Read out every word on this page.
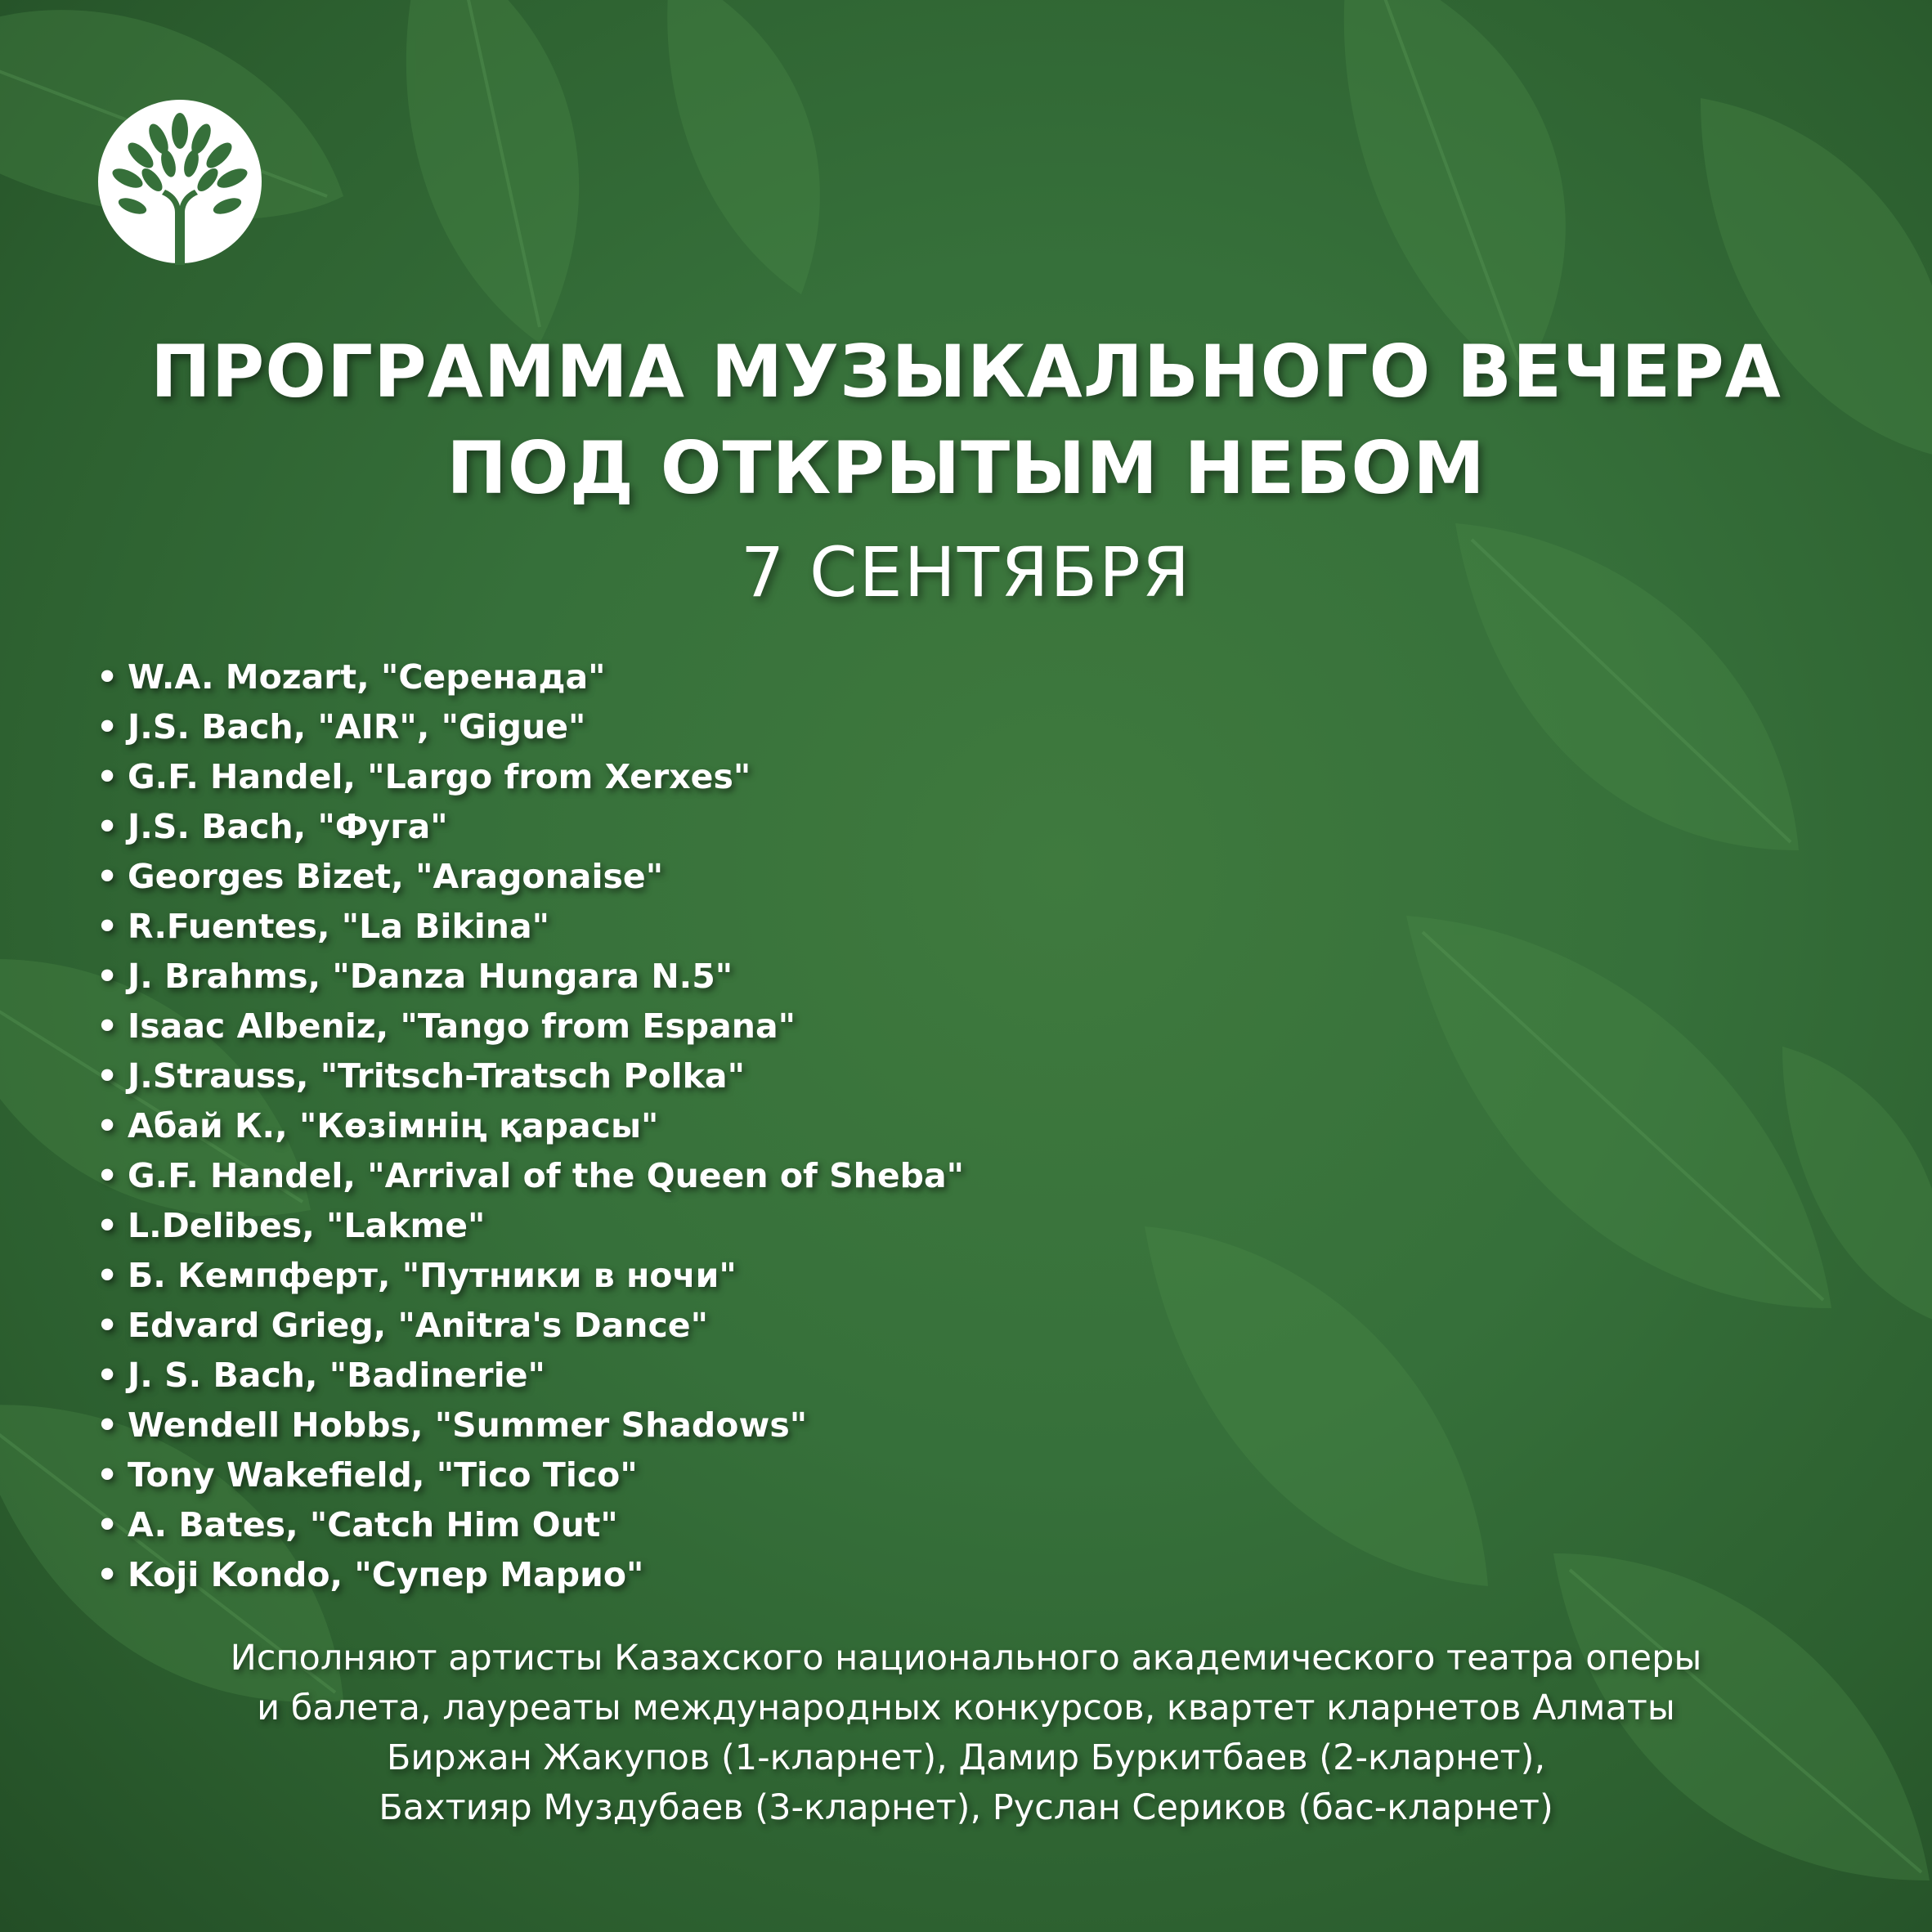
ПРОГРАММА МУЗЫКАЛЬНОГО ВЕЧЕРА
ПОД ОТКРЫТЫМ НЕБОМ
7 СЕНТЯБРЯ
• W.A. Mozart, "Серенада"
• J.S. Bach, "AIR", "Gigue"
• G.F. Handel, "Largo from Xerxes"
• J.S. Bach, "Фуга"
• Georges Bizet, "Aragonaise"
• R.Fuentes, "La Bikina"
• J. Brahms, "Danza Hungara N.5"
• Isaac Albeniz, "Tango from Espana"
• J.Strauss, "Tritsch-Tratsch Polka"
• Абай К., "Көзімнің қарасы"
• G.F. Handel, "Arrival of the Queen of Sheba"
• L.Delibes, "Lakme"
• Б. Кемпферт, "Путники в ночи"
• Edvard Grieg, "Anitra's Dance"
• J. S. Bach, "Badinerie"
• Wendell Hobbs, "Summer Shadows"
• Tony Wakefield, "Tico Tico"
• A. Bates, "Catch Him Out"
• Koji Kondo, "Супер Марио"
Исполняют артисты Казахского национального академического театра оперы
и балета, лауреаты международных конкурсов, квартет кларнетов Алматы
Биржан Жакупов (1-кларнет), Дамир Буркитбаев (2-кларнет),
Бахтияр Муздубаев (3-кларнет), Руслан Сериков (бас-кларнет)
